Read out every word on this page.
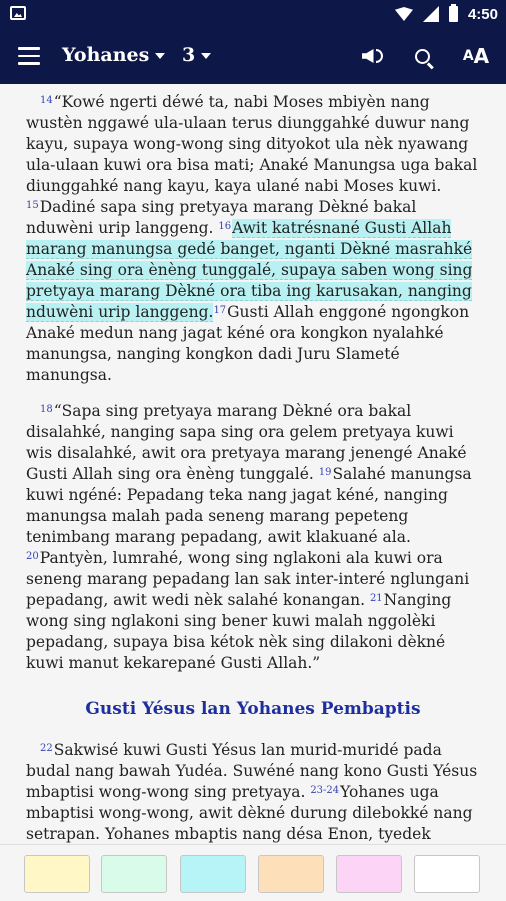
4:50
Yohanes	3	A A

$^{14}$“Kowé ngerti déwé ta, nabi Moses mbiyèn nang wustèn nggawé ula-ulaan terus diunggahké duwur nang kayu, supaya wong-wong sing dityokot ula nèk nyawang ula-ulaan kuwi ora bisa mati; Anaké Manungsa uga bakal diunggahké nang kayu, kaya ulané nabi Moses kuwi. $^{15}$Dadiné sapa sing pretyaya marang Dèkné bakal nduwèni urip langgeng. $^{16}$Awit katrésnané Gusti Allah marang manungsa gedé banget, nganti Dèkné masrahké Anaké sing ora ènèng tunggalé, supaya saben wong sing pretyaya marang Dèkné ora tiba ing karusakan, nanging nduwèni urip langgeng.$^{17}$Gusti Allah enggoné ngongkon Anaké medun nang jagat kéné ora kongkon nyalahké manungsa, nanging kongkon dadi Juru Slameté manungsa.

$^{18}$“Sapa sing pretyaya marang Dèkné ora bakal disalahké, nanging sapa sing ora gelem pretyaya kuwi wis disalahké, awit ora pretyaya marang jenengé Anaké Gusti Allah sing ora ènèng tunggalé. $^{19}$Salahé manungsa kuwi ngéné: Pepadang teka nang jagat kéné, nanging manungsa malah pada seneng marang pepeteng tenimbang marang pepadang, awit klakuané ala. $^{20}$Pantyèn, lumrahé, wong sing nglakoni ala kuwi ora seneng marang pepadang lan sak inter-interé nglungani pepadang, awit wedi nèk salahé konangan. $^{21}$Nanging wong sing nglakoni sing bener kuwi malah nggolèki pepadang, supaya bisa kétok nèk sing dilakoni dèkné kuwi manut kekarepané Gusti Allah.”

Gusti Yésus lan Yohanes Pembaptis

$^{22}$Sakwisé kuwi Gusti Yésus lan murid-muridé pada budal nang bawah Yudéa. Suwéné nang kono Gusti Yésus mbaptisi wong-wong sing pretyaya. $^{23-24}$Yohanes uga mbaptisi wong-wong, awit dèkné durung dilebokké nang setrapan. Yohanes mbaptis nang désa Enon, tyedek
